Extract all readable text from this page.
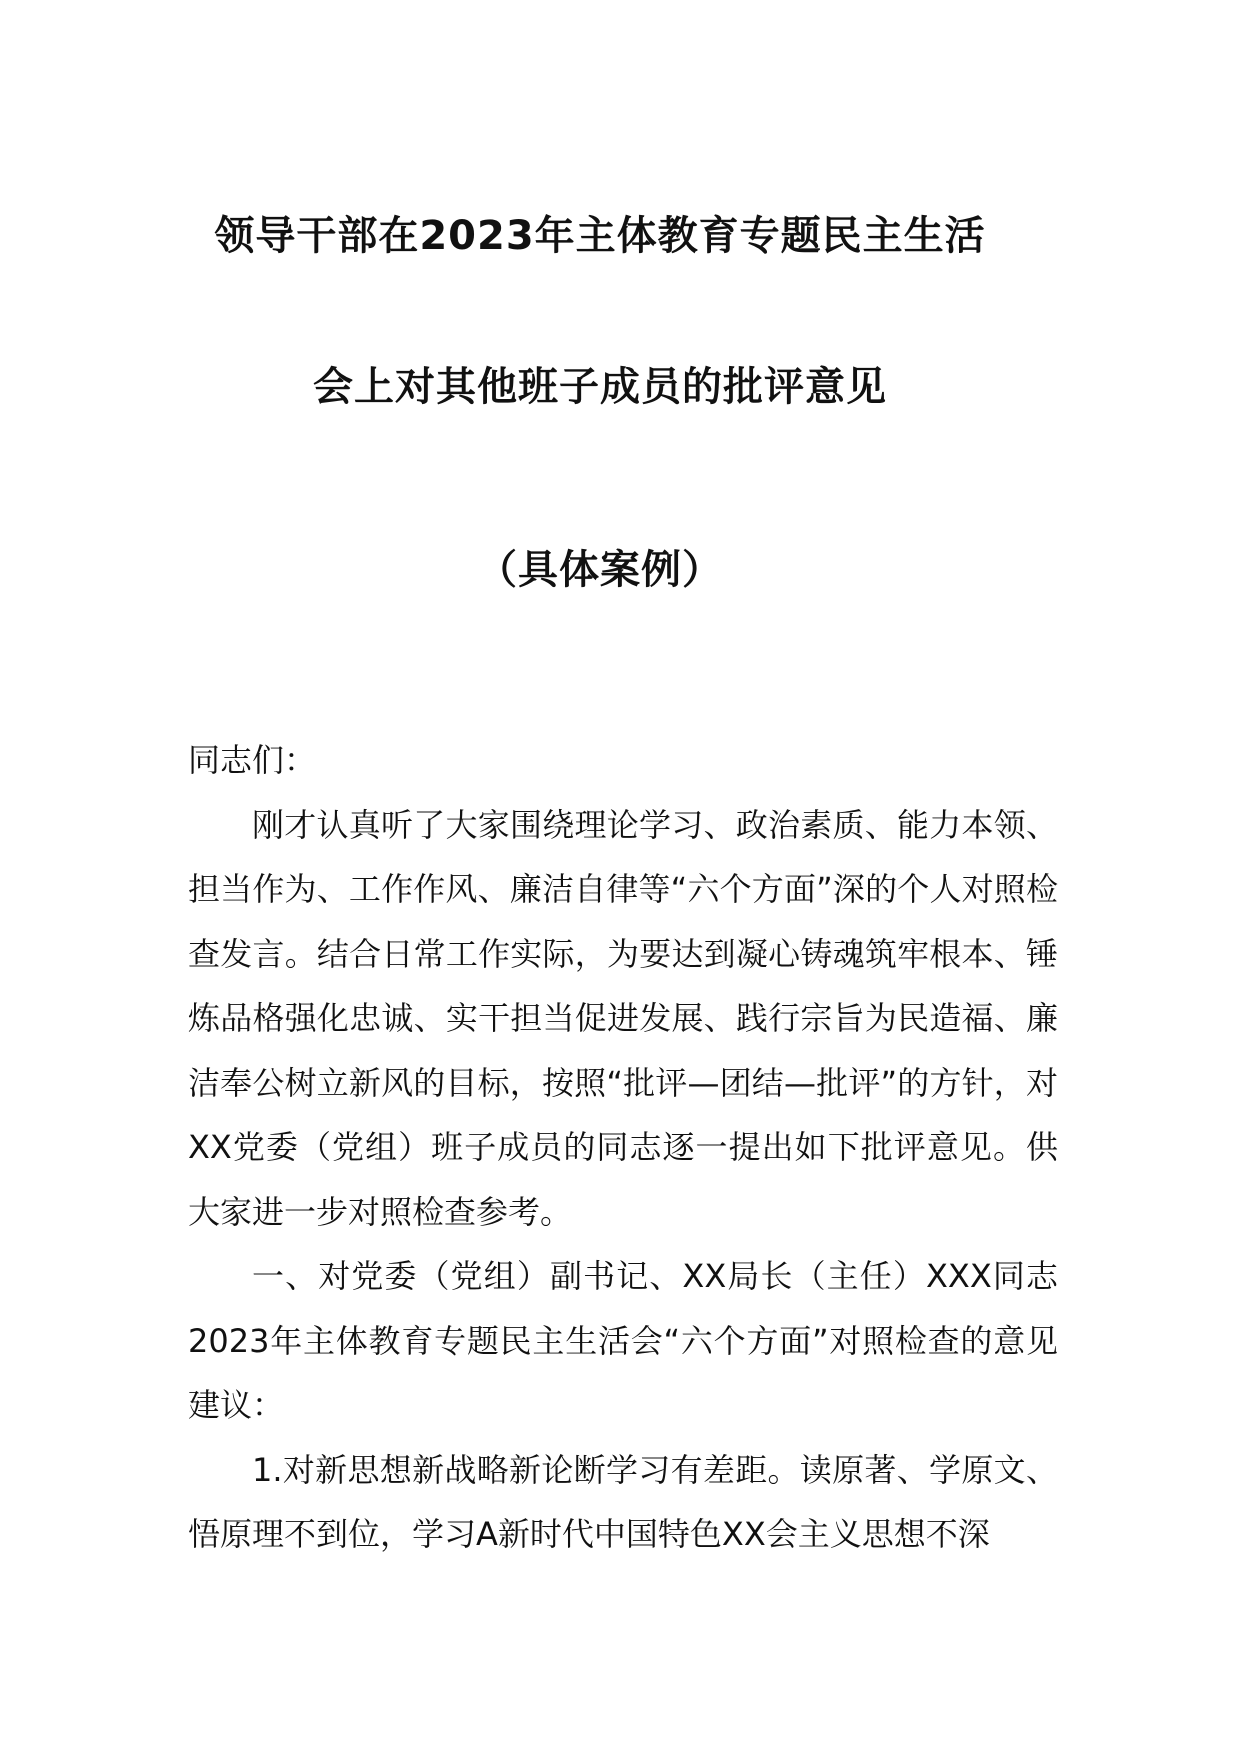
领导干部在2023年主体教育专题民主生活
会上对其他班子成员的批评意见
（具体案例）

同志们：

刚才认真听了大家围绕理论学习、政治素质、能力本领、担当作为、工作作风、廉洁自律等“六个方面”深的个人对照检查发言。结合日常工作实际，为要达到凝心铸魂筑牢根本、锤炼品格强化忠诚、实干担当促进发展、践行宗旨为民造福、廉洁奉公树立新风的目标，按照“批评—团结—批评”的方针，对XX党委（党组）班子成员的同志逐一提出如下批评意见。供大家进一步对照检查参考。

一、对党委（党组）副书记、XX局长（主任）XXX同志2023年主体教育专题民主生活会“六个方面”对照检查的意见建议：

1.对新思想新战略新论断学习有差距。读原著、学原文、悟原理不到位，学习A新时代中国特色XX会主义思想不深
